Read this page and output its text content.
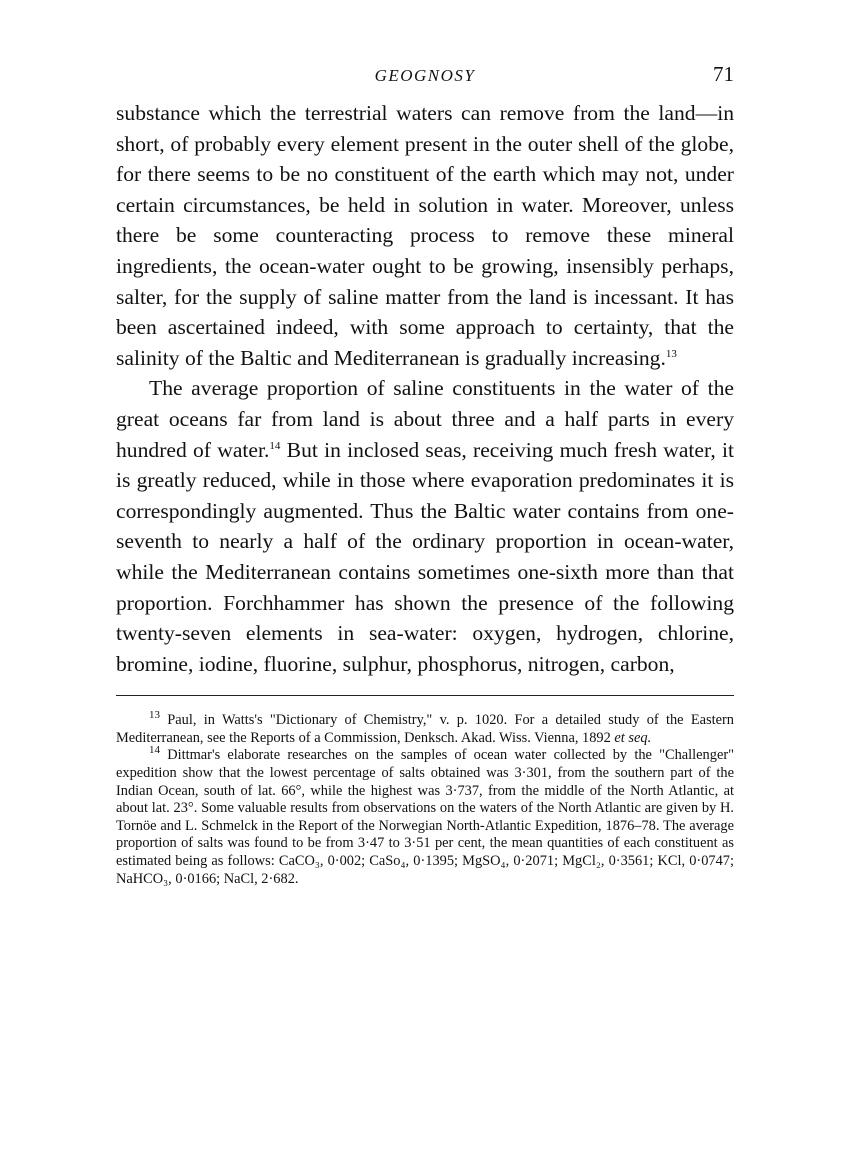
GEOGNOSY	71

substance which the terrestrial waters can remove from the land—in short, of probably every element present in the outer shell of the globe, for there seems to be no constituent of the earth which may not, under certain circumstances, be held in solution in water. Moreover, unless there be some counteracting process to remove these mineral ingredients, the ocean-water ought to be growing, insensibly perhaps, salter, for the supply of saline matter from the land is incessant. It has been ascertained indeed, with some approach to certainty, that the salinity of the Baltic and Mediterranean is gradually increasing.$^{13}$

The average proportion of saline constituents in the water of the great oceans far from land is about three and a half parts in every hundred of water.$^{14}$ But in inclosed seas, receiving much fresh water, it is greatly reduced, while in those where evaporation predominates it is correspondingly augmented. Thus the Baltic water contains from one-seventh to nearly a half of the ordinary proportion in ocean-water, while the Mediterranean contains sometimes one-sixth more than that proportion. Forchhammer has shown the presence of the following twenty-seven elements in sea-water: oxygen, hydrogen, chlorine, bromine, iodine, fluorine, sulphur, phosphorus, nitrogen, carbon,

$^{13}$ Paul, in Watts's "Dictionary of Chemistry," v. p. 1020. For a detailed study of the Eastern Mediterranean, see the Reports of a Commission, Denksch. Akad. Wiss. Vienna, 1892 et seq.

$^{14}$ Dittmar's elaborate researches on the samples of ocean water collected by the "Challenger" expedition show that the lowest percentage of salts obtained was 3·301, from the southern part of the Indian Ocean, south of lat. 66°, while the highest was 3·737, from the middle of the North Atlantic, at about lat. 23°. Some valuable results from observations on the waters of the North Atlantic are given by H. Tornöe and L. Schmelck in the Report of the Norwegian North-Atlantic Expedition, 1876–78. The average proportion of salts was found to be from 3·47 to 3·51 per cent, the mean quantities of each constituent as estimated being as follows: CaCO₃, 0·002; CaSo₄, 0·1395; MgSO₄, 0·2071; MgCl₂, 0·3561; KCl, 0·0747; NaHCO₃, 0·0166; NaCl, 2·682.
